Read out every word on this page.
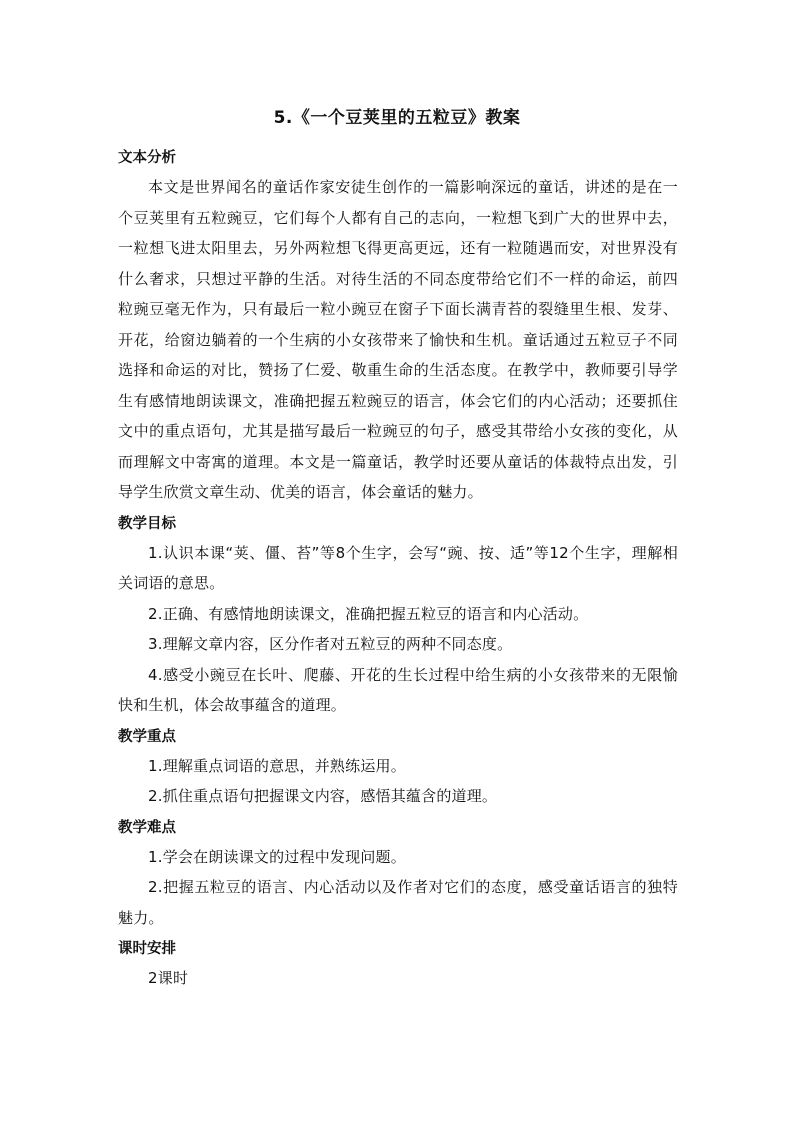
5.《一个豆荚里的五粒豆》教案
文本分析
本文是世界闻名的童话作家安徒生创作的一篇影响深远的童话，讲述的是在一个豆荚里有五粒豌豆，它们每个人都有自己的志向，一粒想飞到广大的世界中去，一粒想飞进太阳里去，另外两粒想飞得更高更远，还有一粒随遇而安，对世界没有什么奢求，只想过平静的生活。对待生活的不同态度带给它们不一样的命运，前四粒豌豆毫无作为，只有最后一粒小豌豆在窗子下面长满青苔的裂缝里生根、发芽、开花，给窗边躺着的一个生病的小女孩带来了愉快和生机。童话通过五粒豆子不同选择和命运的对比，赞扬了仁爱、敬重生命的生活态度。在教学中，教师要引导学生有感情地朗读课文，准确把握五粒豌豆的语言，体会它们的内心活动；还要抓住文中的重点语句，尤其是描写最后一粒豌豆的句子，感受其带给小女孩的变化，从而理解文中寄寓的道理。本文是一篇童话，教学时还要从童话的体裁特点出发，引导学生欣赏文章生动、优美的语言，体会童话的魅力。
教学目标
1.认识本课“荚、僵、苔”等8个生字，会写“豌、按、适”等12个生字，理解相关词语的意思。
2.正确、有感情地朗读课文，准确把握五粒豆的语言和内心活动。
3.理解文章内容，区分作者对五粒豆的两种不同态度。
4.感受小豌豆在长叶、爬藤、开花的生长过程中给生病的小女孩带来的无限愉快和生机，体会故事蕴含的道理。
教学重点
1.理解重点词语的意思，并熟练运用。
2.抓住重点语句把握课文内容，感悟其蕴含的道理。
教学难点
1.学会在朗读课文的过程中发现问题。
2.把握五粒豆的语言、内心活动以及作者对它们的态度，感受童话语言的独特魅力。
课时安排
2课时
